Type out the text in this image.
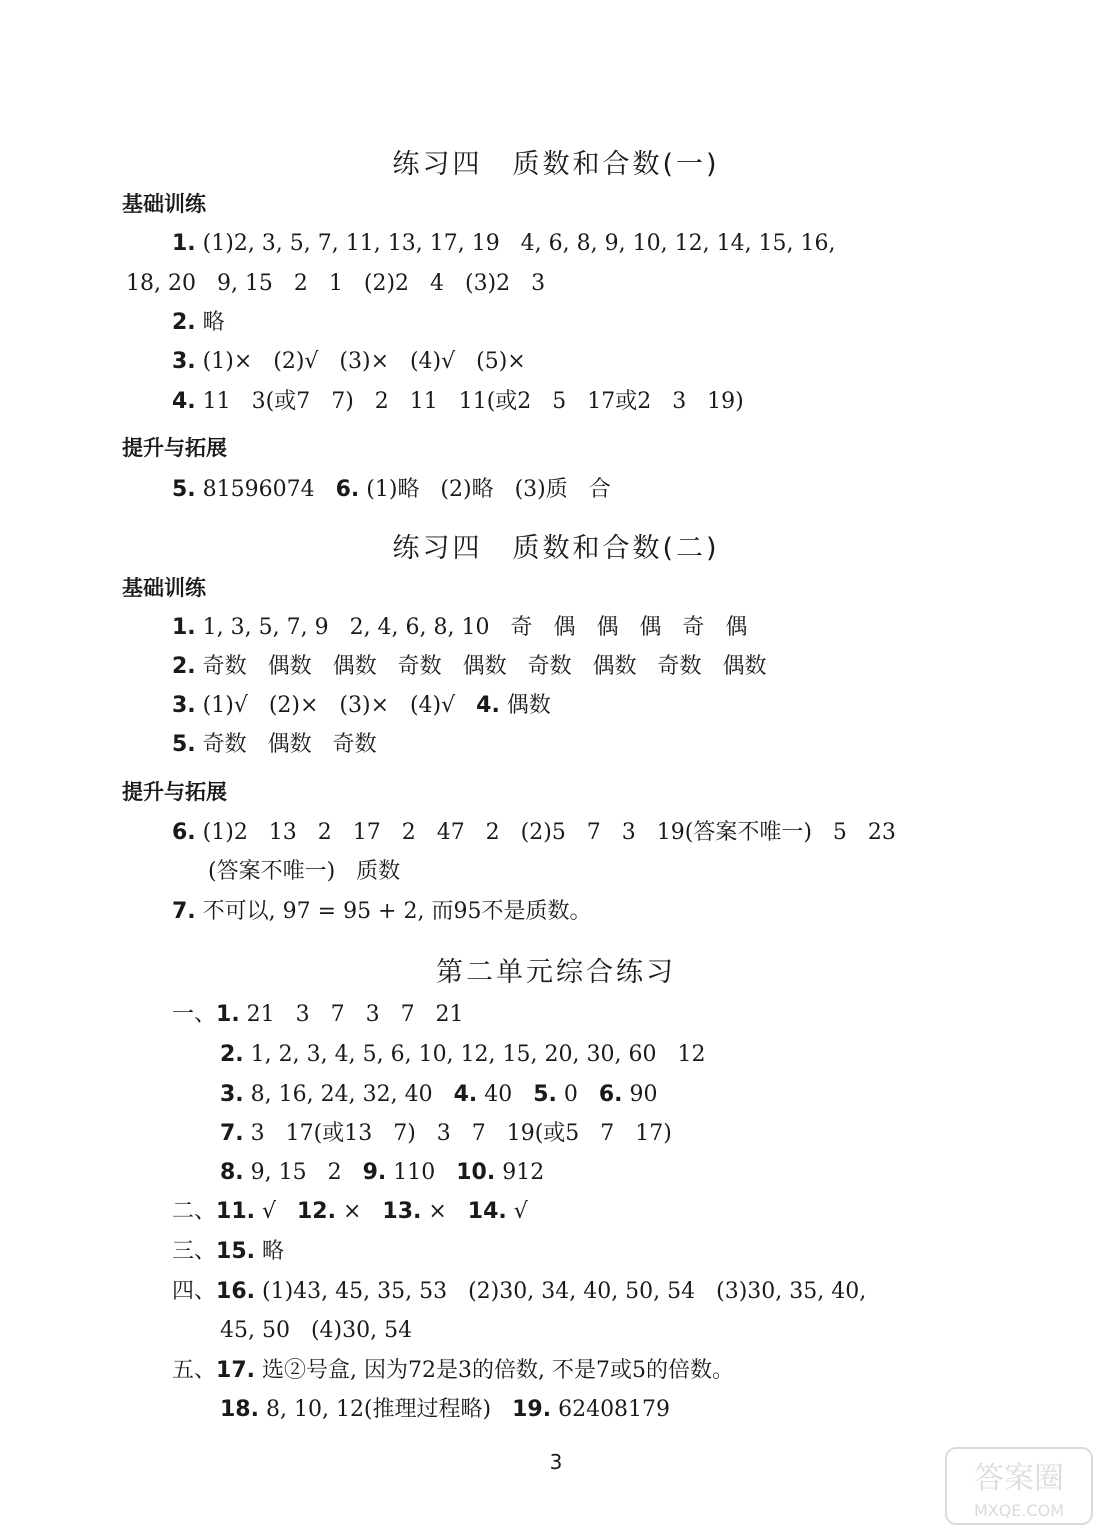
练习四　质数和合数(一)
基础训练
1. (1)2, 3, 5, 7, 11, 13, 17, 19   4, 6, 8, 9, 10, 12, 14, 15, 16,
18, 20   9, 15   2   1   (2)2   4   (3)2   3
2. 略
3. (1)×   (2)√   (3)×   (4)√   (5)×
4. 11   3(或7   7)   2   11   11(或2   5   17或2   3   19)
提升与拓展
5. 81596074   6. (1)略   (2)略   (3)质   合
练习四　质数和合数(二)
基础训练
1. 1, 3, 5, 7, 9   2, 4, 6, 8, 10   奇   偶   偶   偶   奇   偶
2. 奇数   偶数   偶数   奇数   偶数   奇数   偶数   奇数   偶数
3. (1)√   (2)×   (3)×   (4)√   4. 偶数
5. 奇数   偶数   奇数
提升与拓展
6. (1)2   13   2   17   2   47   2   (2)5   7   3   19(答案不唯一)   5   23
(答案不唯一)   质数
7. 不可以, 97 = 95 + 2, 而95不是质数。
第二单元综合练习
一、1. 21   3   7   3   7   21
2. 1, 2, 3, 4, 5, 6, 10, 12, 15, 20, 30, 60   12
3. 8, 16, 24, 32, 40   4. 40   5. 0   6. 90
7. 3   17(或13   7)   3   7   19(或5   7   17)
8. 9, 15   2   9. 110   10. 912
二、11. √   12. ×   13. ×   14. √
三、15. 略
四、16. (1)43, 45, 35, 53   (2)30, 34, 40, 50, 54   (3)30, 35, 40,
45, 50   (4)30, 54
五、17. 选②号盒, 因为72是3的倍数, 不是7或5的倍数。
18. 8, 10, 12(推理过程略)   19. 62408179
3	答案圈
MXQE.COM
